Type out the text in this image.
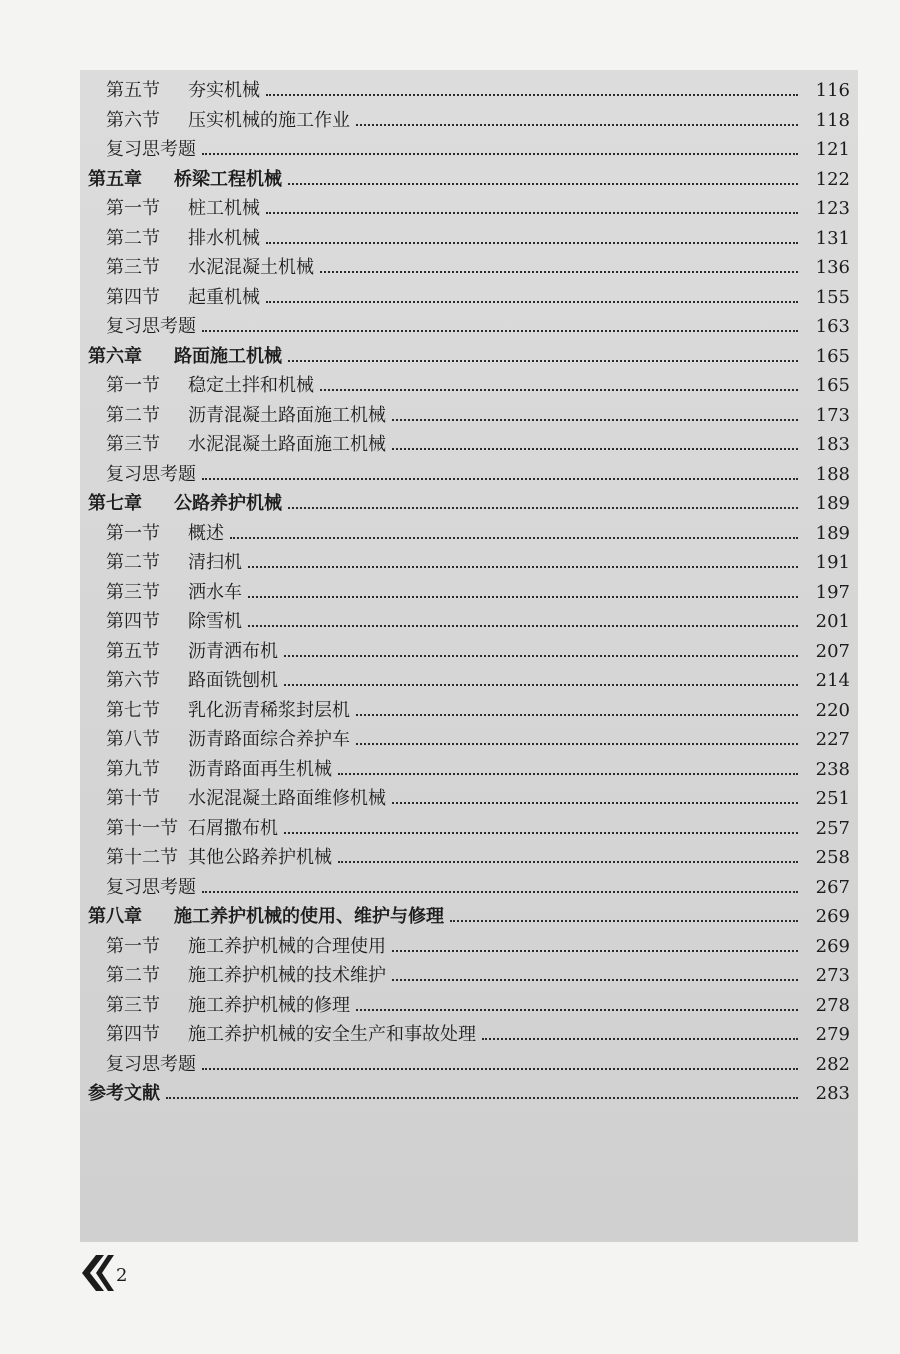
第五节 夯实机械	116
第六节 压实机械的施工作业	118
复习思考题	121
第五章 桥梁工程机械	122
第一节 桩工机械	123
第二节 排水机械	131
第三节 水泥混凝土机械	136
第四节 起重机械	155
复习思考题	163
第六章 路面施工机械	165
第一节 稳定土拌和机械	165
第二节 沥青混凝土路面施工机械	173
第三节 水泥混凝土路面施工机械	183
复习思考题	188
第七章 公路养护机械	189
第一节 概述	189
第二节 清扫机	191
第三节 洒水车	197
第四节 除雪机	201
第五节 沥青洒布机	207
第六节 路面铣刨机	214
第七节 乳化沥青稀浆封层机	220
第八节 沥青路面综合养护车	227
第九节 沥青路面再生机械	238
第十节 水泥混凝土路面维修机械	251
第十一节 石屑撒布机	257
第十二节 其他公路养护机械	258
复习思考题	267
第八章 施工养护机械的使用、维护与修理	269
第一节 施工养护机械的合理使用	269
第二节 施工养护机械的技术维护	273
第三节 施工养护机械的修理	278
第四节 施工养护机械的安全生产和事故处理	279
复习思考题	282
参考文献	283
2
